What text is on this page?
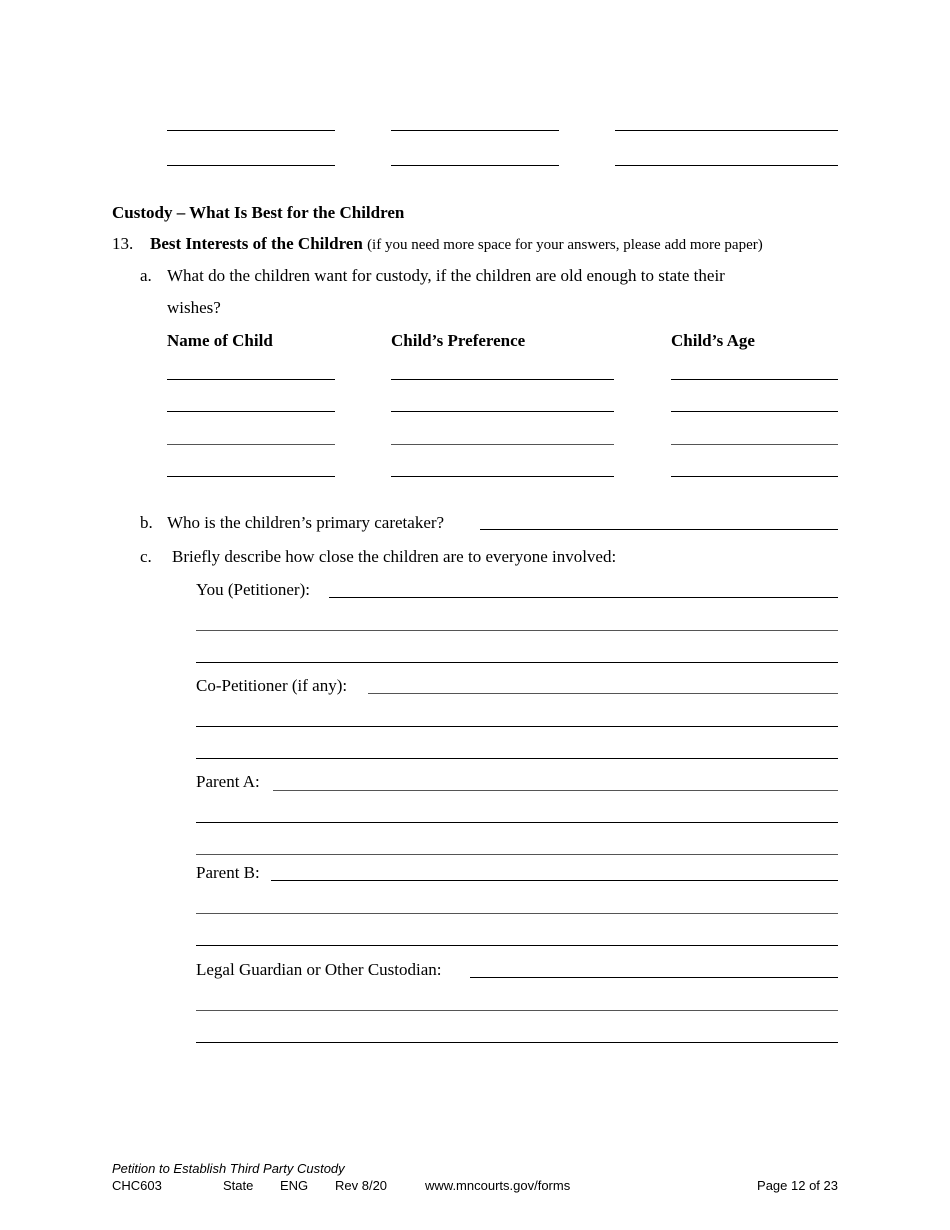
Custody – What Is Best for the Children
13. Best Interests of the Children (if you need more space for your answers, please add more paper)
a. What do the children want for custody, if the children are old enough to state their
wishes?
Name of Child	Child’s Preference	Child’s Age
b. Who is the children’s primary caretaker?
c. Briefly describe how close the children are to everyone involved:
You (Petitioner):
Co-Petitioner (if any):
Parent A:
Parent B:
Legal Guardian or Other Custodian:
Petition to Establish Third Party Custody
CHC603	State ENG Rev 8/20	www.mncourts.gov/forms	Page 12 of 23
